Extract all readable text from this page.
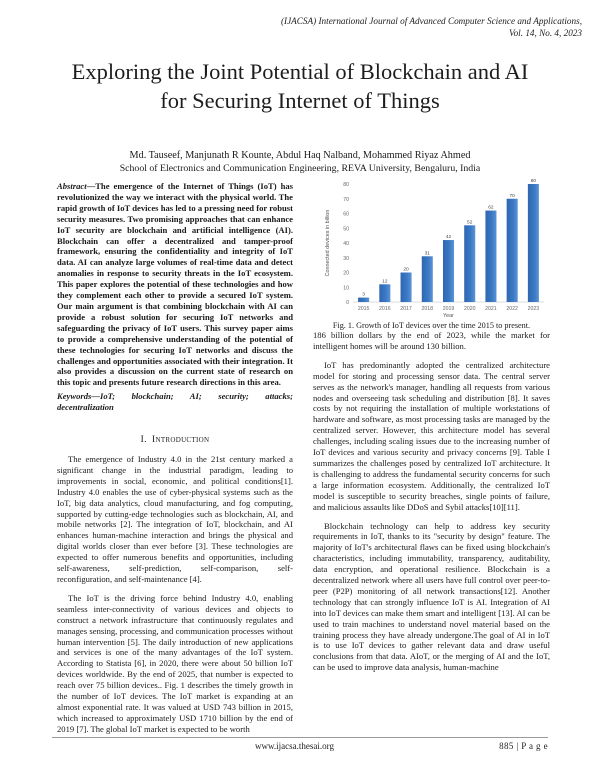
(IJACSA) International Journal of Advanced Computer Science and Applications,
Vol. 14, No. 4, 2023
Exploring the Joint Potential of Blockchain and AI
for Securing Internet of Things
Md. Tauseef, Manjunath R Kounte, Abdul Haq Nalband, Mohammed Riyaz Ahmed
School of Electronics and Communication Engineering, REVA University, Bengaluru, India

Abstract—The emergence of the Internet of Things (IoT) has revolutionized the way we interact with the physical world. The rapid growth of IoT devices has led to a pressing need for robust security measures. Two promising approaches that can enhance IoT security are blockchain and artificial intelligence (AI). Blockchain can offer a decentralized and tamper-proof framework, ensuring the confidentiality and integrity of IoT data. AI can analyze large volumes of real-time data and detect anomalies in response to security threats in the IoT ecosystem. This paper explores the potential of these technologies and how they complement each other to provide a secured IoT system. Our main argument is that combining blockchain with AI can provide a robust solution for securing IoT networks and safeguarding the privacy of IoT users. This survey paper aims to provide a comprehensive understanding of the potential of these technologies for securing IoT networks and discuss the challenges and opportunities associated with their integration. It also provides a discussion on the current state of research on this topic and presents future research directions in this area.

Keywords—IoT; blockchain; AI; security; attacks; decentralization

I. Introduction

The emergence of Industry 4.0 in the 21st century marked a significant change in the industrial paradigm, leading to improvements in social, economic, and political conditions[1]. Industry 4.0 enables the use of cyber-physical systems such as the IoT, big data analytics, cloud manufacturing, and fog computing, supported by cutting-edge technologies such as blockchain, AI, and mobile networks [2]. The integration of IoT, blockchain, and AI enhances human-machine interaction and brings the physical and digital worlds closer than ever before [3]. These technologies are expected to offer numerous benefits and opportunities, including self-awareness, self-prediction, self-comparison, self-reconfiguration, and self-maintenance [4].

The IoT is the driving force behind Industry 4.0, enabling seamless inter-connectivity of various devices and objects to construct a network infrastructure that continuously regulates and manages sensing, processing, and communication processes without human intervention [5]. The daily introduction of new applications and services is one of the many advantages of the IoT system. According to Statista [6], in 2020, there were about 50 billion IoT devices worldwide. By the end of 2025, that number is expected to reach over 75 billion devices.. Fig. 1 describes the timely growth in the number of IoT devices. The IoT market is expanding at an almost exponential rate. It was valued at USD 743 billion in 2015, which increased to approximately USD 1710 billion by the end of 2019 [7]. The global IoT market is expected to be worth

0
10
20
30
40
50
60
70
80
Connected devices in billion
Year
3
2015
12
2016
20
2017
31
2018
42
2019
52
2020
62
2021
70
2022
80
2023
Fig. 1. Growth of IoT devices over the time 2015 to present.

186 billion dollars by the end of 2023, while the market for intelligent homes will be around 130 billion.

IoT has predominantly adopted the centralized architecture model for storing and processing sensor data. The central server serves as the network's manager, handling all requests from various nodes and overseeing task scheduling and distribution [8]. It saves costs by not requiring the installation of multiple workstations of hardware and software, as most processing tasks are managed by the centralized server. However, this architecture model has several challenges, including scaling issues due to the increasing number of IoT devices and various security and privacy concerns [9]. Table I summarizes the challenges posed by centralized IoT architecture. It is challenging to address the fundamental security concerns for such a large information ecosystem. Additionally, the centralized IoT model is susceptible to security breaches, single points of failure, and malicious assaults like DDoS and Sybil attacks[10][11].

Blockchain technology can help to address key security requirements in IoT, thanks to its "security by design" feature. The majority of IoT's architectural flaws can be fixed using blockchain's characteristics, including immutability, transparency, auditability, data encryption, and operational resilience. Blockchain is a decentralized network where all users have full control over peer-to-peer (P2P) monitoring of all network transactions[12]. Another technology that can strongly influence IoT is AI. Integration of AI into IoT devices can make them smart and intelligent [13]. AI can be used to train machines to understand novel material based on the training process they have already undergone.The goal of AI in IoT is to use IoT devices to gather relevant data and draw useful conclusions from that data. AIoT, or the merging of AI and the IoT, can be used to improve data analysis, human-machine

www.ijacsa.thesai.org	885 | P a g e
